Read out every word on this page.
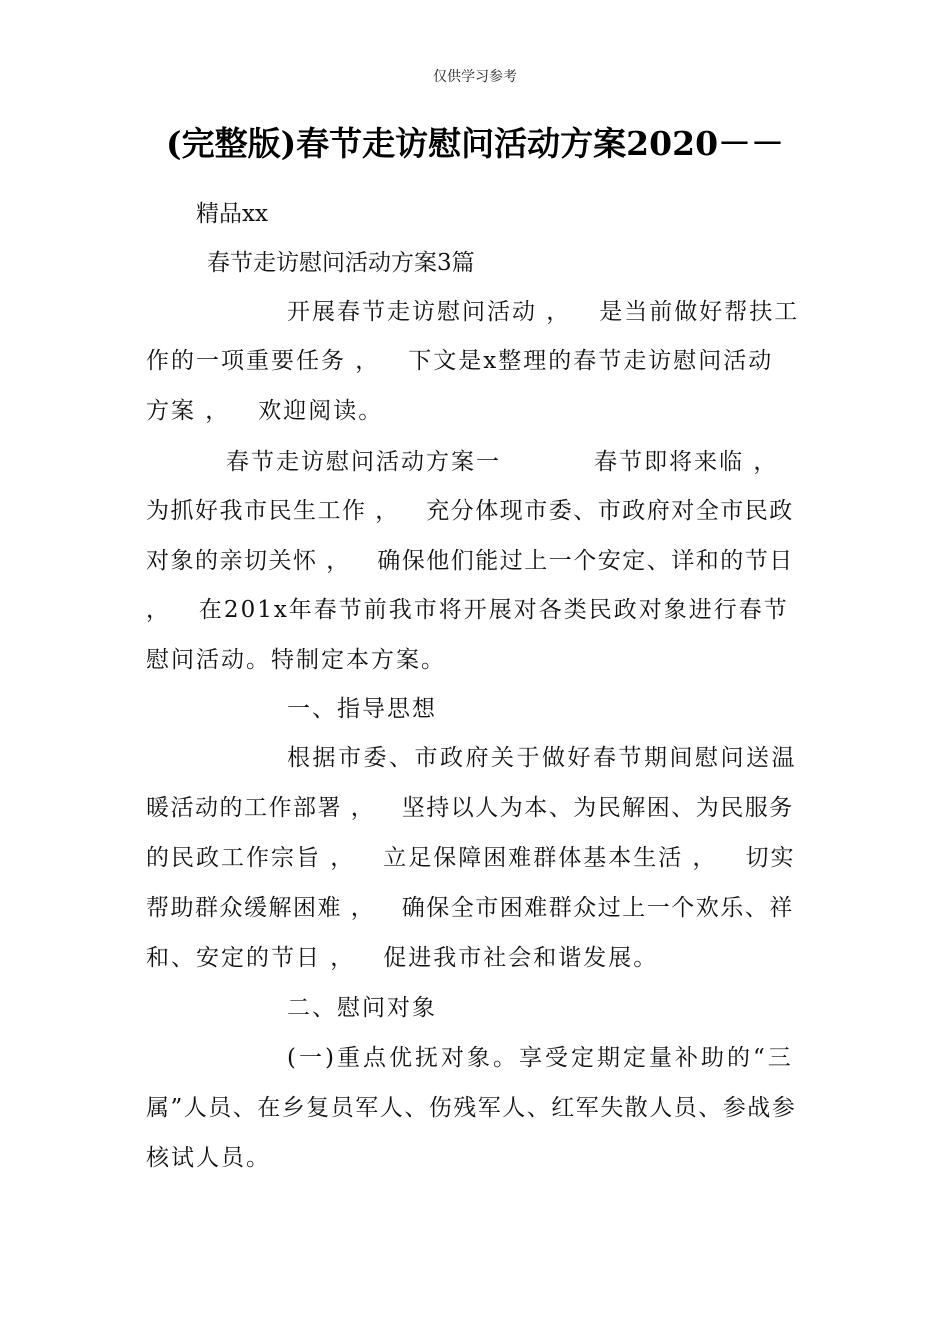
仅供学习参考
(完整版)春节走访慰问活动方案2020－－
精品xx
春节走访慰问活动方案3篇
开展春节走访慰问活动 ，   是当前做好帮扶工
作的一项重要任务 ，   下文是x整理的春节走访慰问活动
方案 ，   欢迎阅读。
春节走访慰问活动方案一          春节即将来临 ，
为抓好我市民生工作 ，   充分体现市委、市政府对全市民政
对象的亲切关怀 ，   确保他们能过上一个安定、详和的节日
，   在201x年春节前我市将开展对各类民政对象进行春节
慰问活动。特制定本方案。
一、指导思想
根据市委、市政府关于做好春节期间慰问送温
暖活动的工作部署 ，   坚持以人为本、为民解困、为民服务
的民政工作宗旨 ，   立足保障困难群体基本生活 ，   切实
帮助群众缓解困难 ，   确保全市困难群众过上一个欢乐、祥
和、安定的节日 ，   促进我市社会和谐发展。
二、慰问对象
(一)重点优抚对象。享受定期定量补助的“三
属”人员、在乡复员军人、伤残军人、红军失散人员、参战参
核试人员。
